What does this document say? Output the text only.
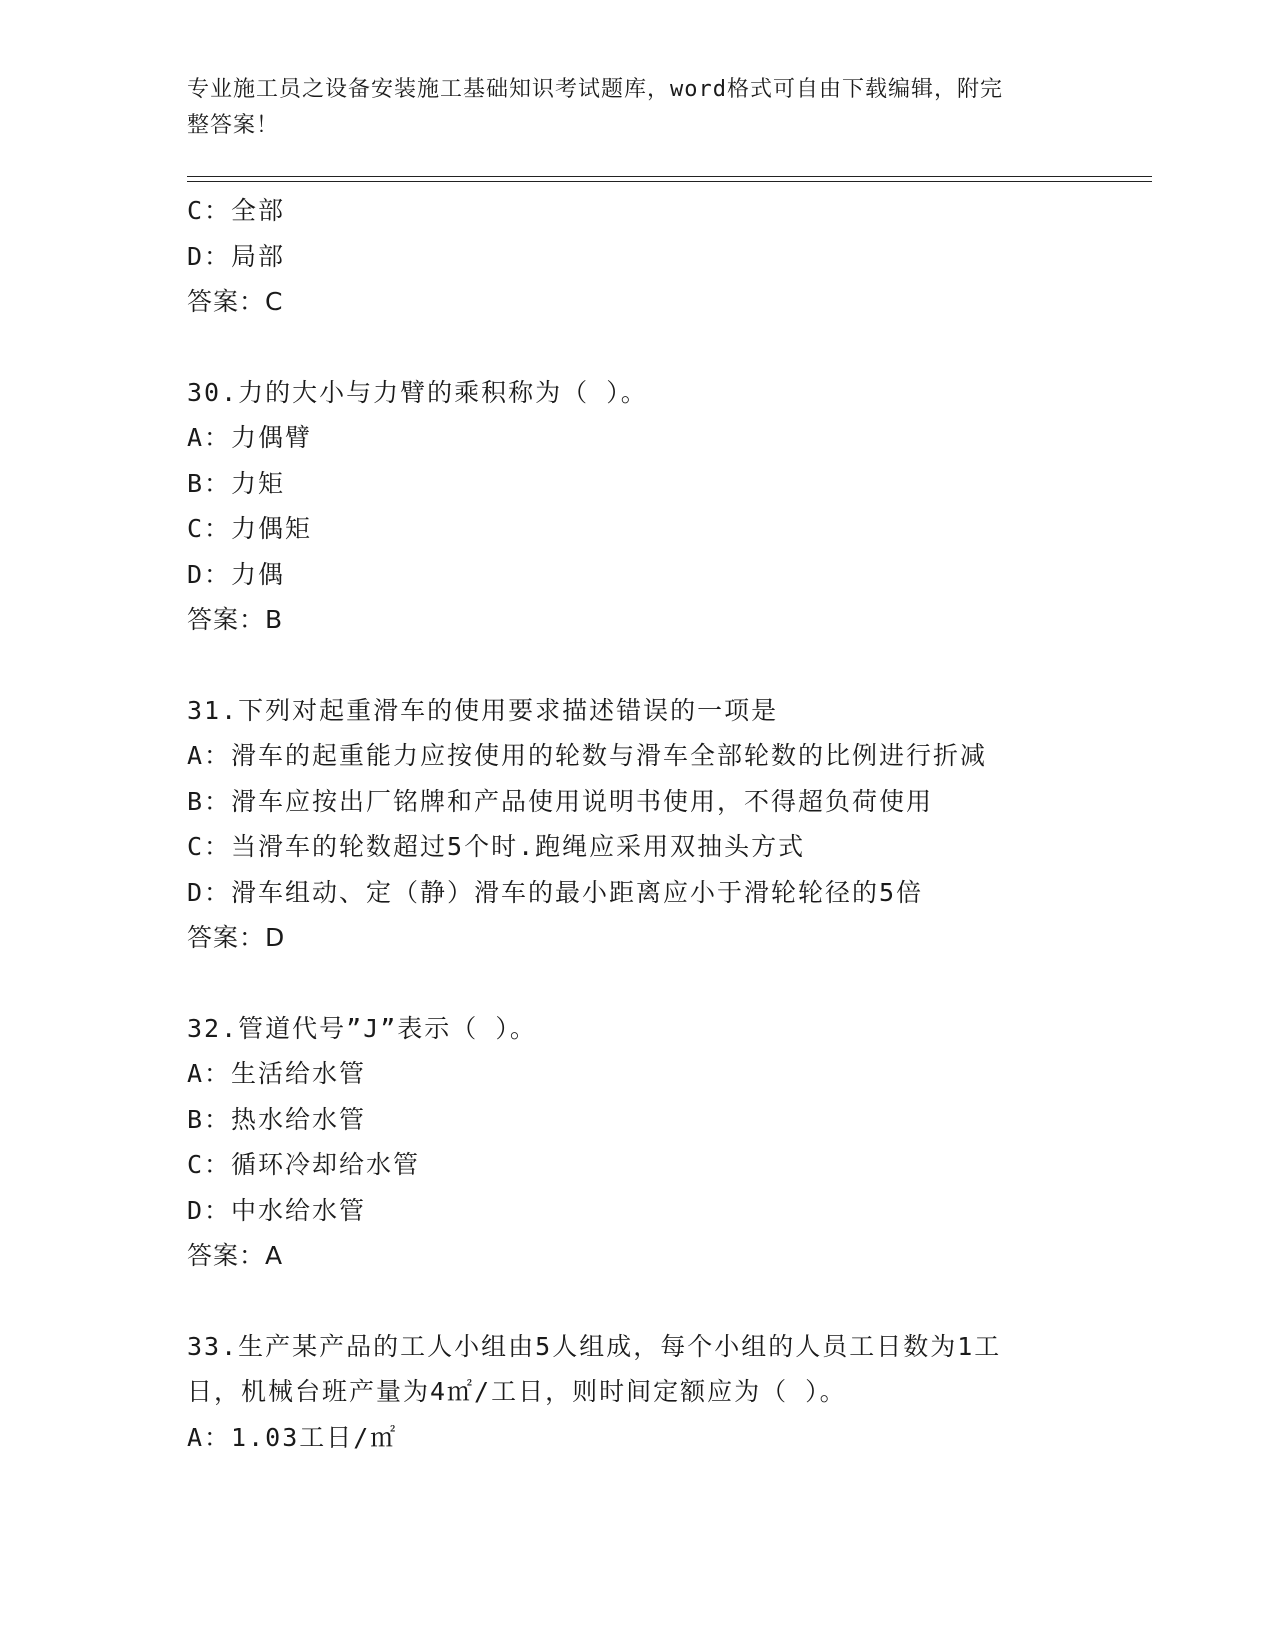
专业施工员之设备安装施工基础知识考试题库，word格式可自由下载编辑，附完
整答案！
C：全部
D：局部
答案：C
30.力的大小与力臂的乘积称为（ ）。
A：力偶臂
B：力矩
C：力偶矩
D：力偶
答案：B
31.下列对起重滑车的使用要求描述错误的一项是
A：滑车的起重能力应按使用的轮数与滑车全部轮数的比例进行折减
B：滑车应按出厂铭牌和产品使用说明书使用，不得超负荷使用
C：当滑车的轮数超过5个时.跑绳应采用双抽头方式
D：滑车组动、定（静）滑车的最小距离应小于滑轮轮径的5倍
答案：D
32.管道代号”J”表示（ ）。
A：生活给水管
B：热水给水管
C：循环冷却给水管
D：中水给水管
答案：A
33.生产某产品的工人小组由5人组成，每个小组的人员工日数为1工
日，机械台班产量为4㎡/工日，则时间定额应为（ ）。
A：1.03工日/㎡
